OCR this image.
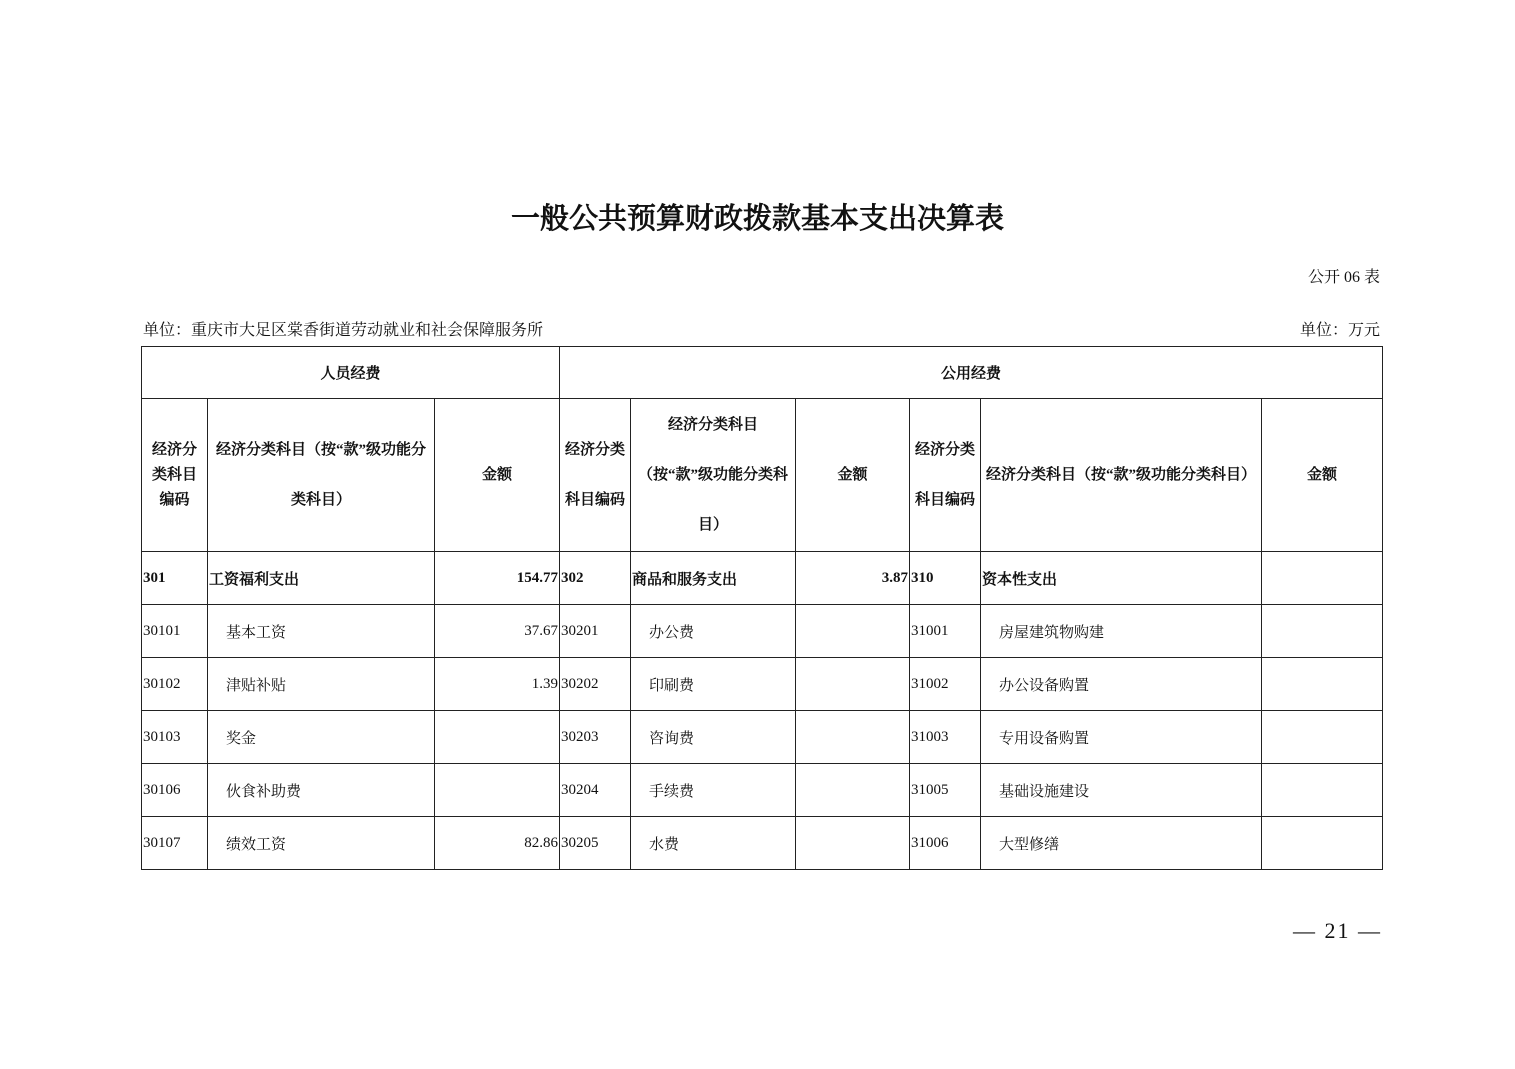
一般公共预算财政拨款基本支出决算表
公开 06 表
单位：重庆市大足区棠香街道劳动就业和社会保障服务所	单位：万元
人员经费			公用经费					
经济分类科目编码	经济分类科目（按“款”级功能分类科目）	金额	经济分类科目编码	经济分类科目（按“款”级功能分类科目）	金额	经济分类科目编码	经济分类科目（按“款”级功能分类科目）	金额
301	工资福利支出	154.77	302	商品和服务支出	3.87	310	资本性支出	
30101	基本工资	37.67	30201	办公费		31001	房屋建筑物购建	
30102	津贴补贴	1.39	30202	印刷费		31002	办公设备购置	
30103	奖金		30203	咨询费		31003	专用设备购置	
30106	伙食补助费		30204	手续费		31005	基础设施建设	
30107	绩效工资	82.86	30205	水费		31006	大型修缮	
— 21 —
